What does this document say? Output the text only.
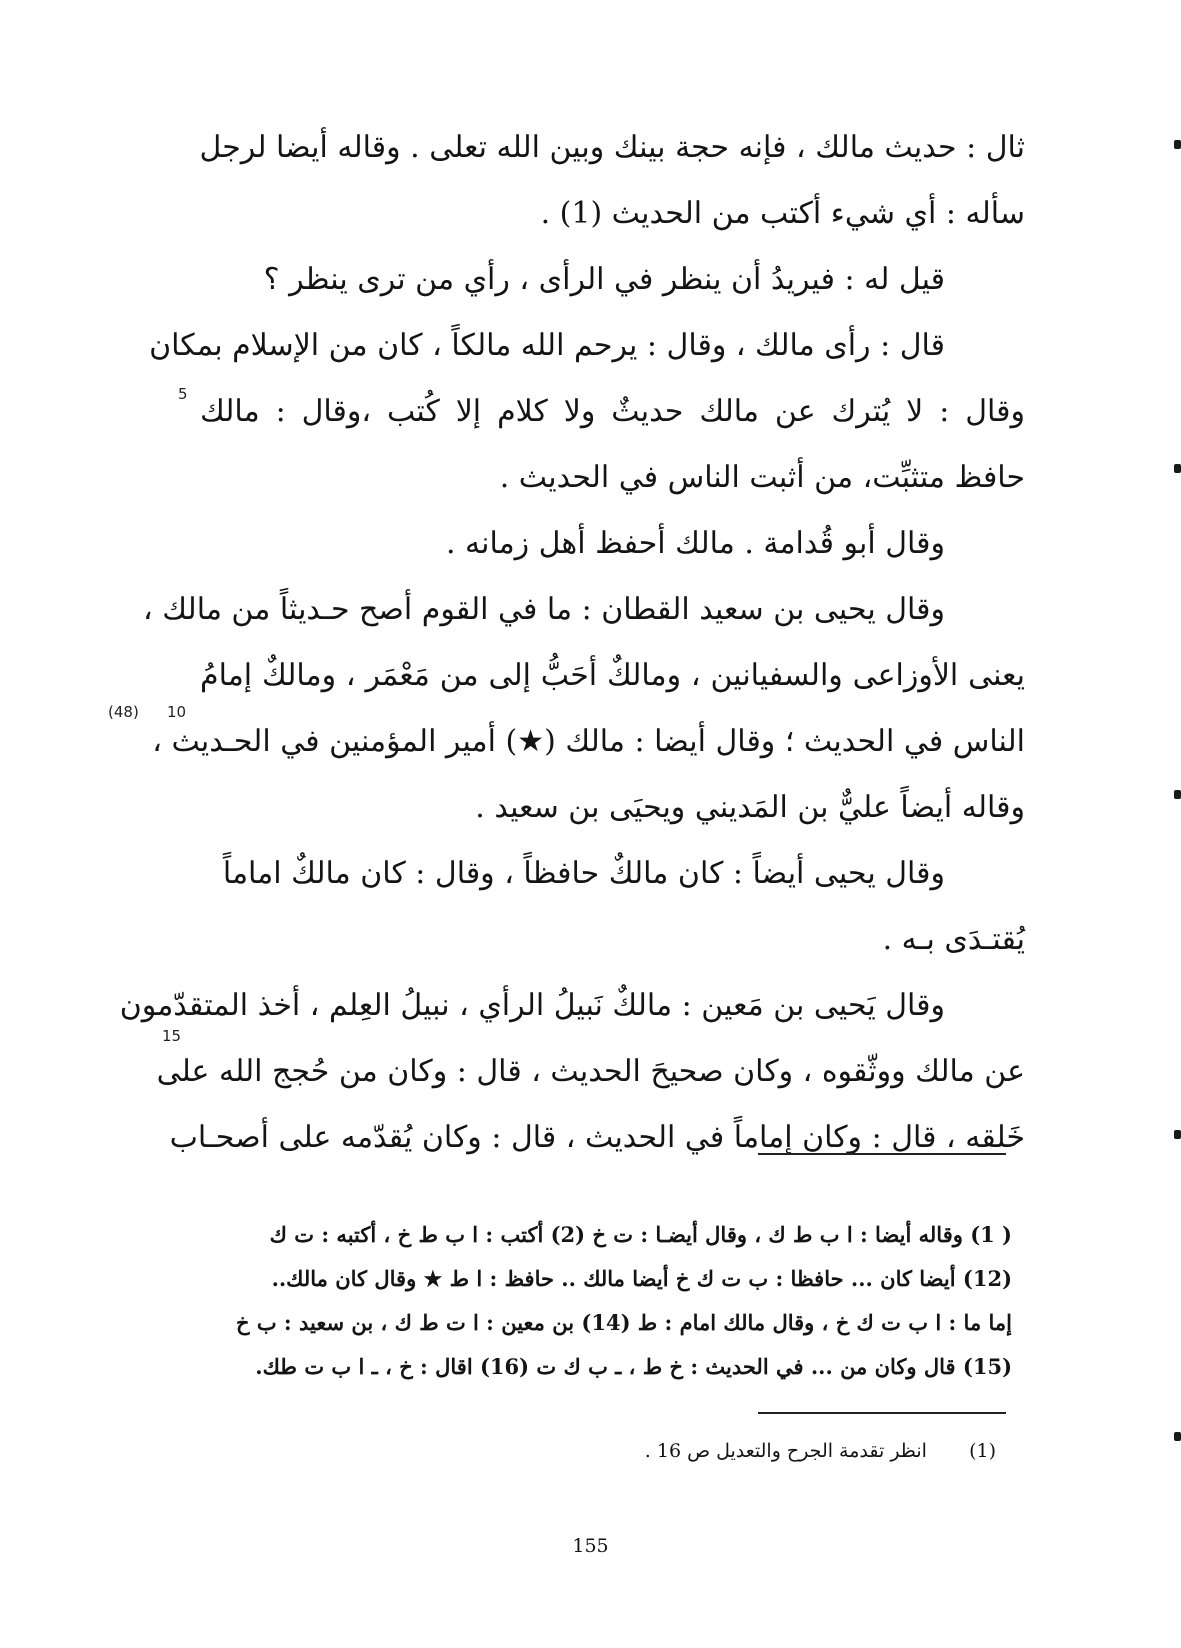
ثال : حديث مالك ، فإنه حجة بينك وبين الله تعلى . وقاله أيضا لرجل
سأله : أي شيء أكتب من الحديث (1) .
قيل له : فيريدُ أن ينظر في الرأى ، رأي من ترى ينظر ؟
قال : رأى مالك ، وقال : يرحم الله مالكاً ، كان من الإسلام بمكان
وقال : لا يُترك عن مالك حديثٌ ولا كلام إلا كُتب ،وقال : مالك
حافظ متثبِّت، من أثبت الناس في الحديث .
وقال أبو قُدامة . مالك أحفظ أهل زمانه .
وقال يحيى بن سعيد القطان : ما في القوم أصح حـديثاً من مالك ،
يعنى الأوزاعى والسفيانين ، ومالكٌ أحَبُّ إلى من مَعْمَر ، ومالكٌ إمامُ
الناس في الحديث ؛ وقال أيضا : مالك (★) أمير المؤمنين في الحـديث ،
وقاله أيضاً عليٌّ بن المَديني ويحيَى بن سعيد .
وقال يحيى أيضاً : كان مالكٌ حافظاً ، وقال : كان مالكٌ اماماً
يُقتـدَى بـه .
وقال يَحيى بن مَعين : مالكٌ نَبيلُ الرأي ، نبيلُ العِلم ، أخذ المتقدّمون
عن مالك ووثّقوه ، وكان صحيحَ الحديث ، قال : وكان من حُجج الله على
خَلقه ، قال : وكان إماماً في الحديث ، قال : وكان يُقدّمه على أصحـاب
5
10
(48)
15
( 1) وقاله أيضا : ا ب ط ك ، وقال أيضـا : ت خ (2) أكتب : ا ب ط خ ، أكتبه : ت ك
(12) أيضا كان ... حافظا : ب ت ك خ أيضا مالك .. حافظ : ا ط ★ وقال كان مالك..
إما ما : ا ب ت ك خ ، وقال مالك امام : ط (14) بن معين : ا ت ط ك ، بن سعيد : ب خ
(15) قال وكان من ... في الحديث : خ ط ، ـ ب ك ت (16) اقال : خ ، ـ ا ب ت طك.
(1)  انظر تقدمة الجرح والتعديل ص 16 .
155
